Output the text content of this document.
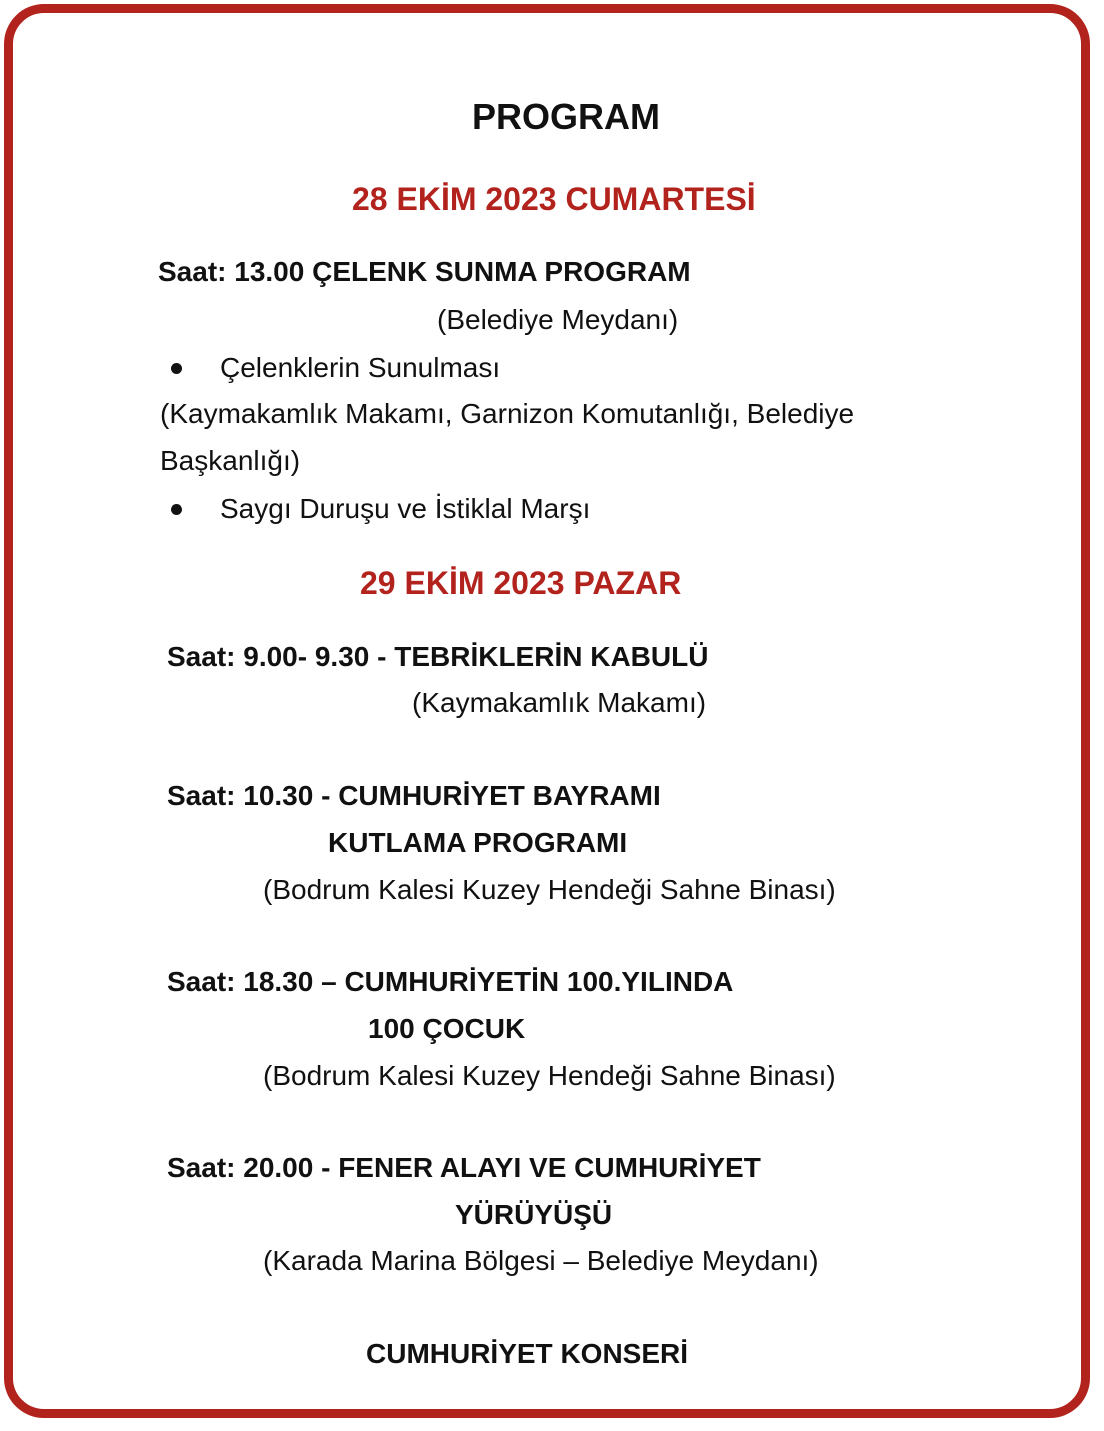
PROGRAM
28 EKİM 2023 CUMARTESİ
Saat: 13.00 ÇELENK SUNMA PROGRAM
(Belediye Meydanı)
Çelenklerin Sunulması
(Kaymakamlık Makamı, Garnizon Komutanlığı, Belediye
Başkanlığı)
Saygı Duruşu ve İstiklal Marşı
29 EKİM 2023 PAZAR
Saat: 9.00- 9.30 - TEBRİKLERİN KABULÜ
(Kaymakamlık Makamı)
Saat: 10.30 - CUMHURİYET BAYRAMI
KUTLAMA PROGRAMI
(Bodrum Kalesi Kuzey Hendeği Sahne Binası)
Saat: 18.30 – CUMHURİYETİN 100.YILINDA
100 ÇOCUK
(Bodrum Kalesi Kuzey Hendeği Sahne Binası)
Saat: 20.00 - FENER ALAYI VE CUMHURİYET
YÜRÜYÜŞÜ
(Karada Marina Bölgesi – Belediye Meydanı)
CUMHURİYET KONSERİ
